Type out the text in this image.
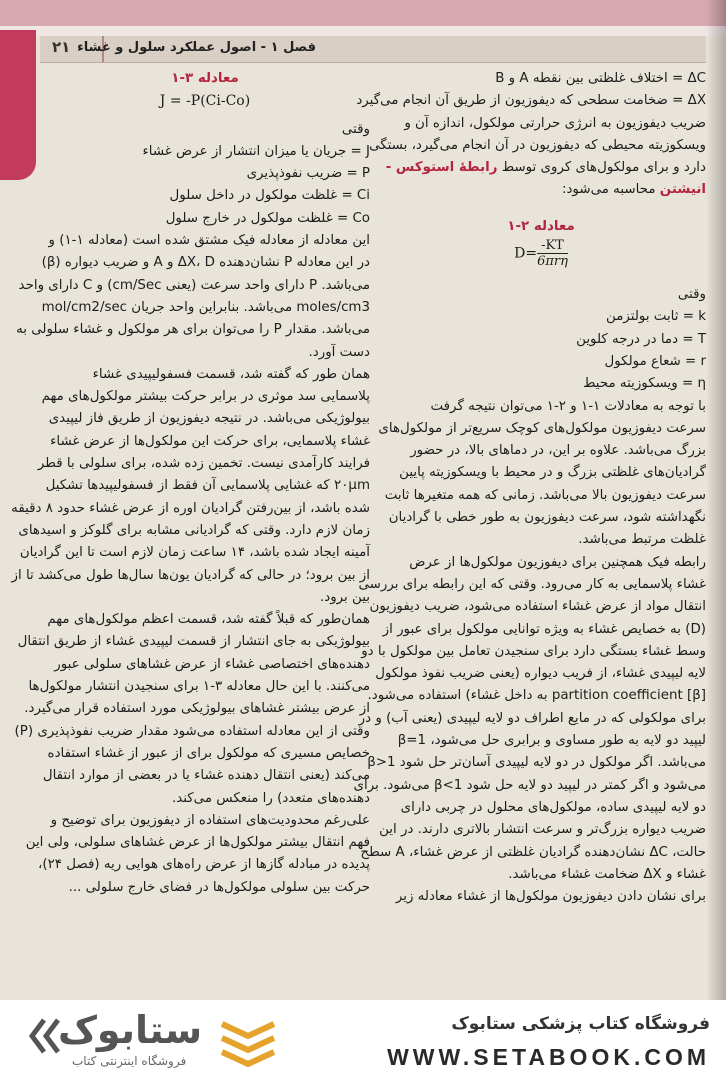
۲۱ فصل ۱ - اصول عملکرد سلول و غشاء
ΔC = اختلاف غلظتی بین نقطه A و B
ΔX = ضخامت سطحی که دیفوزیون از طریق آن انجام می‌گیرد
ضریب دیفوزیون به انرژی حرارتی مولکول، اندازه آن و
ویسکوزیته محیطی که دیفوزیون در آن انجام می‌گیرد، بستگی
دارد و برای مولکول‌های کروی توسط رابطهٔ استوکس -
انیشتن محاسبه می‌شود:
معادله ۲-۱
$D= \frac{-KT}{\text{6πrη}}$
وقتی
k = ثابت بولتزمن
T = دما در درجه کلوین
r = شعاع مولکول
η = ویسکوزیته محیط
با توجه به معادلات ۱-۱ و ۲-۱ می‌توان نتیجه گرفت
سرعت دیفوزیون مولکول‌های کوچک سریع‌تر از مولکول‌های
بزرگ می‌باشد. علاوه بر این، در دماهای بالا، در حضور
گرادیان‌های غلظتی بزرگ و در محیط با ویسکوزیته پایین
سرعت دیفوزیون بالا می‌باشد. زمانی که همه متغیرها ثابت
نگهداشته شود، سرعت دیفوزیون به طور خطی با گرادیان
غلظت مرتبط می‌باشد.
رابطه فیک همچنین برای دیفوزیون مولکول‌ها از عرض
غشاء پلاسمایی به کار می‌رود. وقتی که این رابطه برای بررسی
انتقال مواد از عرض غشاء استفاده می‌شود، ضریب دیفوزیون
(D) به خصایص غشاء به ویژه توانایی مولکول برای عبور از
وسط غشاء بستگی دارد برای سنجیدن تعامل بین مولکول با دو
لایه لیپیدی غشاء، از فریب دیواره (یعنی ضریب نفوذ مولکول
[β] partition coefficient به داخل غشاء) استفاده می‌شود.
برای مولکولی که در مایع اطراف دو لایه لیپیدی (یعنی آب) و در
لیپید دو لایه به طور مساوی و برابری حل می‌شود، β=1
می‌باشد. اگر مولکول در دو لایه لیپیدی آسان‌تر حل شود β>1
می‌شود و اگر کمتر در لیپید دو لایه حل شود β<1 می‌شود. برای
دو لایه لیپیدی ساده، مولکول‌های محلول در چربی دارای
ضریب دیواره بزرگ‌تر و سرعت انتشار بالاتری دارند. در این
حالت، ΔC نشان‌دهنده گرادیان غلظتی از عرض غشاء، A سطح
غشاء و ΔX ضخامت غشاء می‌باشد.
برای نشان دادن دیفوزیون مولکول‌ها از غشاء معادله زیر
معادله ۳-۱
J = -P(Ci-Co)
وقتی
J = جریان یا میزان انتشار از عرض غشاء
P = ضریب نفوذپذیری
Ci = غلظت مولکول در داخل سلول
Co = غلظت مولکول در خارج سلول
این معادله از معادله فیک مشتق شده است (معادله ۱-۱) و
در این معادله P نشان‌دهنده ΔX، D و A و ضریب دیواره (β)
می‌باشد. P دارای واحد سرعت (یعنی cm/Sec) و C دارای واحد
moles/cm3 می‌باشد. بنابراین واحد جریان mol/cm2/sec
می‌باشد. مقدار P را می‌توان برای هر مولکول و غشاء سلولی به
دست آورد.
همان طور که گفته شد، قسمت فسفولیپیدی غشاء
پلاسمایی سد موثری در برابر حرکت بیشتر مولکول‌های مهم
بیولوژیکی می‌باشد. در نتیجه دیفوزیون از طریق فاز لیپیدی
غشاء پلاسمایی، برای حرکت این مولکول‌ها از عرض غشاء
فرایند کارآمدی نیست. تخمین زده شده، برای سلولی با قطر
۲۰μm که غشایی پلاسمایی آن فقط از فسفولیپیدها تشکیل
شده باشد، از بین‌رفتن گرادیان اوره از عرض غشاء حدود ۸ دقیقه
زمان لازم دارد. وقتی که گرادیانی مشابه برای گلوکز و اسیدهای
آمینه ایجاد شده باشد، ۱۴ ساعت زمان لازم است تا این گرادیان
از بین برود؛ در حالی که گرادیان یون‌ها سال‌ها طول می‌کشد تا از
بین برود.
همان‌طور که قبلاً گفته شد، قسمت اعظم مولکول‌های مهم
بیولوژیکی به جای انتشار از قسمت لیپیدی غشاء از طریق انتقال
دهنده‌های اختصاصی غشاء از عرض غشاهای سلولی عبور
می‌کنند. با این حال معادله ۳-۱ برای سنجیدن انتشار مولکول‌ها
از عرض بیشتر غشاهای بیولوژیکی مورد استفاده قرار می‌گیرد.
وقتی از این معادله استفاده می‌شود مقدار ضریب نفوذپذیری (P)
خصایص مسیری که مولکول برای از عبور از غشاء استفاده
می‌کند (یعنی انتقال دهنده غشاء یا در بعضی از موارد انتقال
دهنده‌های متعدد) را منعکس می‌کند.
علی‌رغم محدودیت‌های استفاده از دیفوزیون برای توضیح و
فهم انتقال بیشتر مولکول‌ها از عرض غشاهای سلولی، ولی این
پدیده در مبادله گازها از عرض راه‌های هوایی ریه (فصل ۲۴)،
حرکت بین سلولی مولکول‌ها در فضای خارج سلولی ...
ستابوک
فروشگاه اینترنتی کتاب
فروشگاه کتاب پزشکی ستابوک
WWW.SETABOOK.COM
